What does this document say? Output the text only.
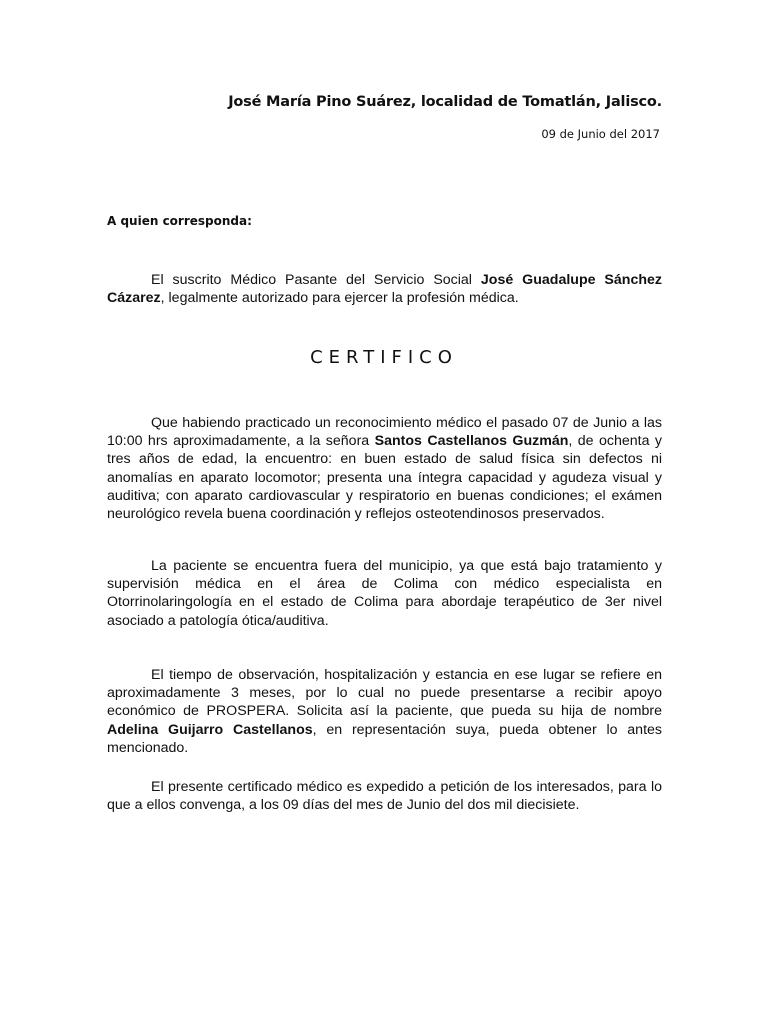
José María Pino Suárez, localidad de Tomatlán, Jalisco.
09 de Junio del 2017
A quien corresponda:

El suscrito Médico Pasante del Servicio Social José Guadalupe Sánchez Cázarez, legalmente autorizado para ejercer la profesión médica.

CERTIFICO

Que habiendo practicado un reconocimiento médico el pasado 07 de Junio a las 10:00 hrs aproximadamente, a la señora Santos Castellanos Guzmán, de ochenta y tres años de edad, la encuentro: en buen estado de salud física sin defectos ni anomalías en aparato locomotor; presenta una íntegra capacidad y agudeza visual y auditiva; con aparato cardiovascular y respiratorio en buenas condiciones; el exámen neurológico revela buena coordinación y reflejos osteotendinosos preservados.

La paciente se encuentra fuera del municipio, ya que está bajo tratamiento y supervisión médica en el área de Colima con médico especialista en Otorrinolaringología en el estado de Colima para abordaje terapéutico de 3er nivel asociado a patología ótica/auditiva.

El tiempo de observación, hospitalización y estancia en ese lugar se refiere en aproximadamente 3 meses, por lo cual no puede presentarse a recibir apoyo económico de PROSPERA. Solicita así la paciente, que pueda su hija de nombre Adelina Guijarro Castellanos, en representación suya, pueda obtener lo antes mencionado.

El presente certificado médico es expedido a petición de los interesados, para lo que a ellos convenga, a los 09 días del mes de Junio del dos mil diecisiete.
